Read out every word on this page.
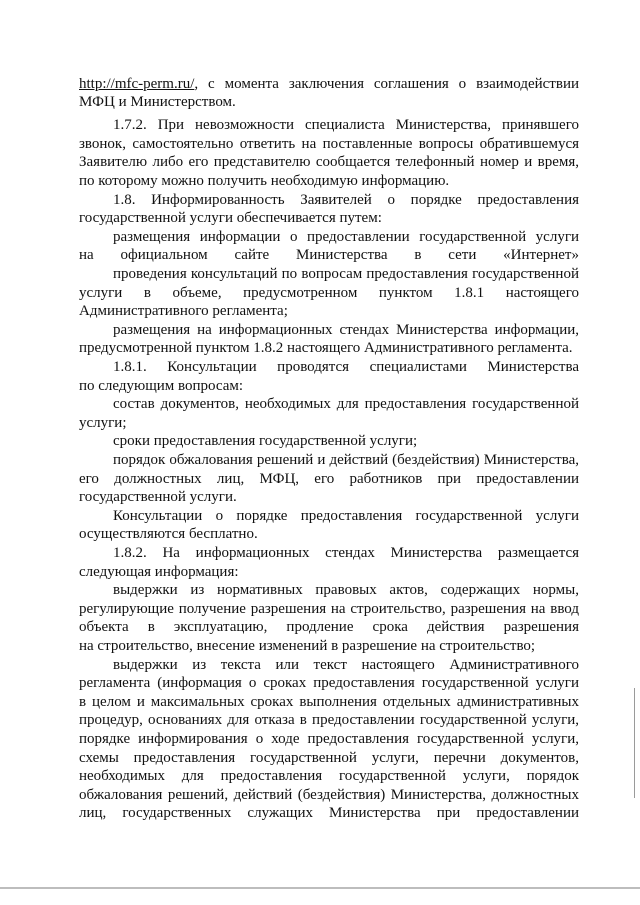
http://mfc-perm.ru/, с момента заключения соглашения о взаимодействии
МФЦ и Министерством.
1.7.2. При невозможности специалиста Министерства, принявшего
звонок, самостоятельно ответить на поставленные вопросы обратившемуся
Заявителю либо его представителю сообщается телефонный номер и время,
по которому можно получить необходимую информацию.
1.8. Информированность Заявителей о порядке предоставления
государственной услуги обеспечивается путем:
размещения информации о предоставлении государственной услуги
на официальном сайте Министерства в сети «Интернет»
проведения консультаций по вопросам предоставления государственной
услуги в объеме, предусмотренном пунктом 1.8.1 настоящего
Административного регламента;
размещения на информационных стендах Министерства информации,
предусмотренной пунктом 1.8.2 настоящего Административного регламента.
1.8.1. Консультации проводятся специалистами Министерства
по следующим вопросам:
состав документов, необходимых для предоставления государственной
услуги;
сроки предоставления государственной услуги;
порядок обжалования решений и действий (бездействия) Министерства,
его должностных лиц, МФЦ, его работников при предоставлении
государственной услуги.
Консультации о порядке предоставления государственной услуги
осуществляются бесплатно.
1.8.2. На информационных стендах Министерства размещается
следующая информация:
выдержки из нормативных правовых актов, содержащих нормы,
регулирующие получение разрешения на строительство, разрешения на ввод
объекта в эксплуатацию, продление срока действия разрешения
на строительство, внесение изменений в разрешение на строительство;
выдержки из текста или текст настоящего Административного
регламента (информация о сроках предоставления государственной услуги
в целом и максимальных сроках выполнения отдельных административных
процедур, основаниях для отказа в предоставлении государственной услуги,
порядке информирования о ходе предоставления государственной услуги,
схемы предоставления государственной услуги, перечни документов,
необходимых для предоставления государственной услуги, порядок
обжалования решений, действий (бездействия) Министерства, должностных
лиц, государственных служащих Министерства при предоставлении
